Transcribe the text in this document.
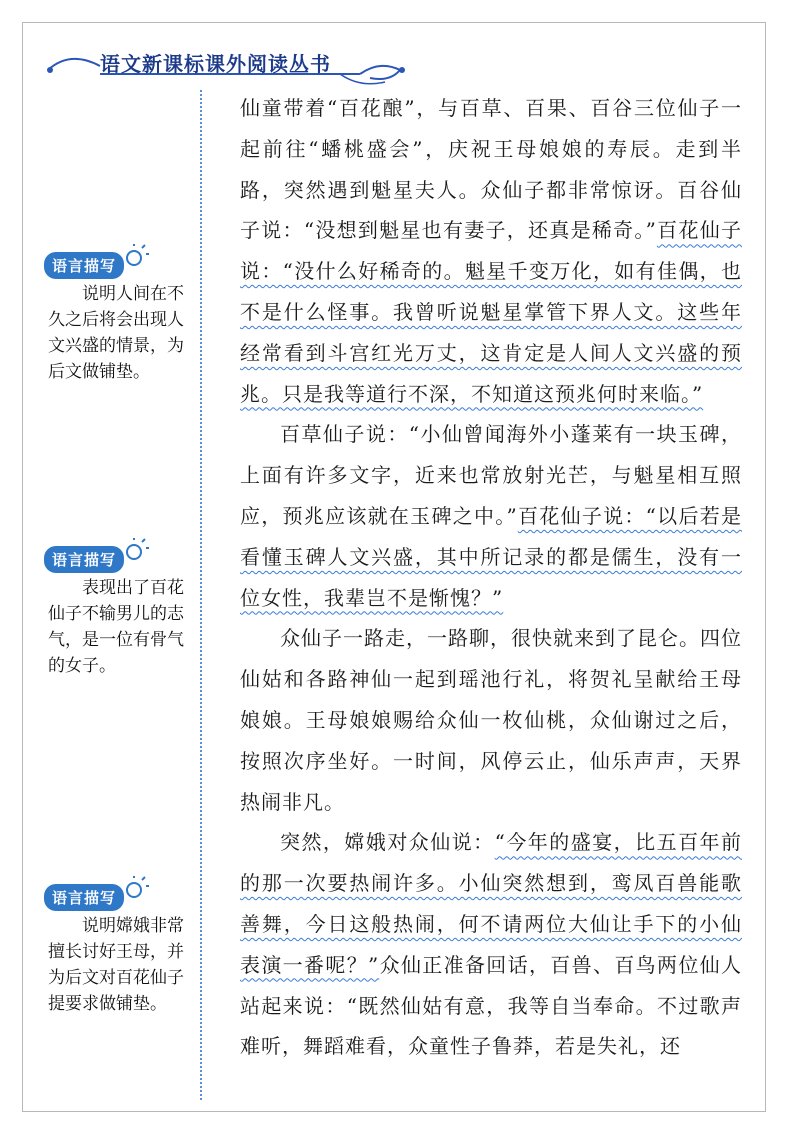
语文新课标课外阅读丛书
语言描写
说明人间在不久之后将会出现人文兴盛的情景，为后文做铺垫。
语言描写
表现出了百花仙子不输男儿的志气，是一位有骨气的女子。
语言描写
说明嫦娥非常擅长讨好王母，并为后文对百花仙子提要求做铺垫。

仙童带着“百花酿”，与百草、百果、百谷三位仙子一起前往“蟠桃盛会”，庆祝王母娘娘的寿辰。走到半路，突然遇到魁星夫人。众仙子都非常惊讶。百谷仙子说：“没想到魁星也有妻子，还真是稀奇。”百花仙子说：“没什么好稀奇的。魁星千变万化，如有佳偶，也不是什么怪事。我曾听说魁星掌管下界人文。这些年经常看到斗宫红光万丈，这肯定是人间人文兴盛的预兆。只是我等道行不深，不知道这预兆何时来临。”

百草仙子说：“小仙曾闻海外小蓬莱有一块玉碑，上面有许多文字，近来也常放射光芒，与魁星相互照应，预兆应该就在玉碑之中。”百花仙子说：“以后若是看懂玉碑人文兴盛，其中所记录的都是儒生，没有一位女性，我辈岂不是惭愧？”

众仙子一路走，一路聊，很快就来到了昆仑。四位仙姑和各路神仙一起到瑶池行礼，将贺礼呈献给王母娘娘。王母娘娘赐给众仙一枚仙桃，众仙谢过之后，按照次序坐好。一时间，风停云止，仙乐声声，天界热闹非凡。

突然，嫦娥对众仙说：“今年的盛宴，比五百年前的那一次要热闹许多。小仙突然想到，鸾凤百兽能歌善舞，今日这般热闹，何不请两位大仙让手下的小仙表演一番呢？”众仙正准备回话，百兽、百鸟两位仙人站起来说：“既然仙姑有意，我等自当奉命。不过歌声难听，舞蹈难看，众童性子鲁莽，若是失礼，还
